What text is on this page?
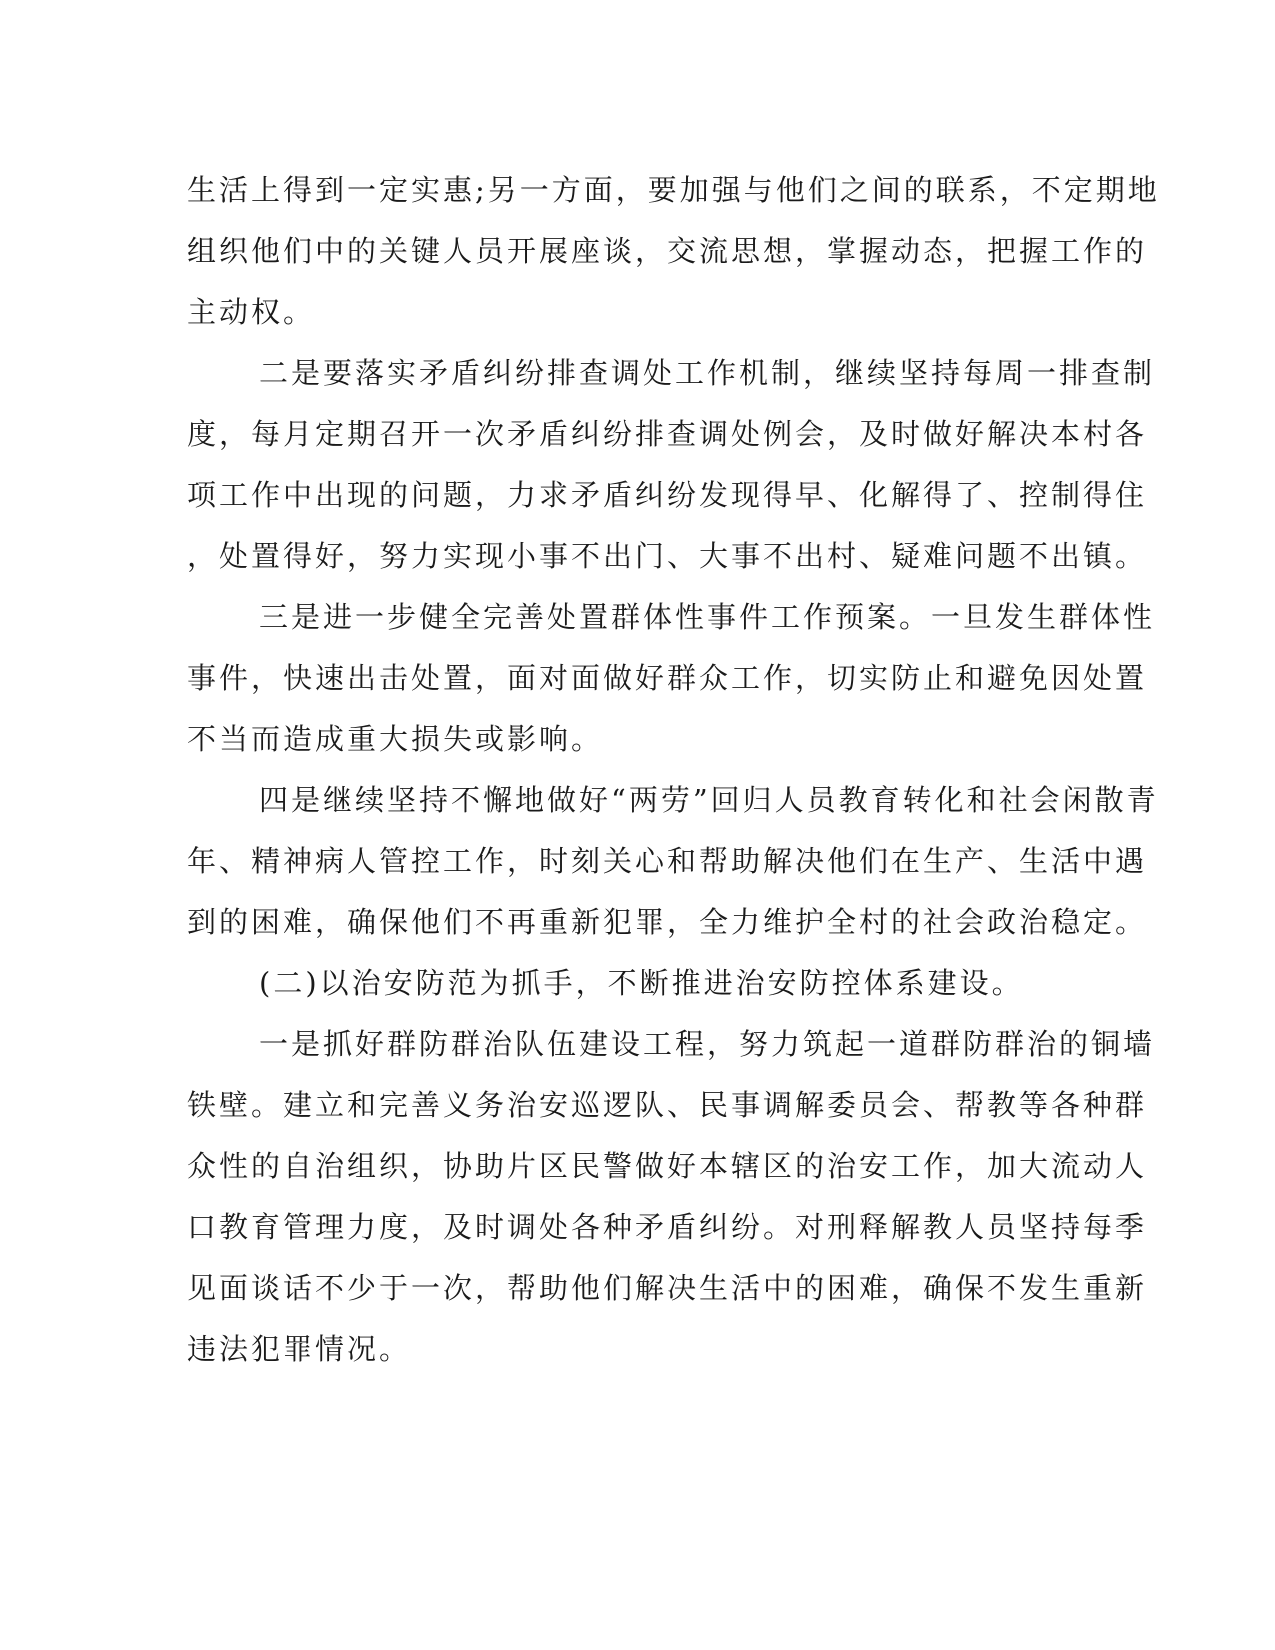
生活上得到一定实惠;另一方面，要加强与他们之间的联系，不定期地
组织他们中的关键人员开展座谈，交流思想，掌握动态，把握工作的
主动权。
二是要落实矛盾纠纷排查调处工作机制，继续坚持每周一排查制
度，每月定期召开一次矛盾纠纷排查调处例会，及时做好解决本村各
项工作中出现的问题，力求矛盾纠纷发现得早、化解得了、控制得住
，处置得好，努力实现小事不出门、大事不出村、疑难问题不出镇。
三是进一步健全完善处置群体性事件工作预案。一旦发生群体性
事件，快速出击处置，面对面做好群众工作，切实防止和避免因处置
不当而造成重大损失或影响。
四是继续坚持不懈地做好“两劳”回归人员教育转化和社会闲散青
年、精神病人管控工作，时刻关心和帮助解决他们在生产、生活中遇
到的困难，确保他们不再重新犯罪，全力维护全村的社会政治稳定。
(二)以治安防范为抓手，不断推进治安防控体系建设。
一是抓好群防群治队伍建设工程，努力筑起一道群防群治的铜墙
铁壁。建立和完善义务治安巡逻队、民事调解委员会、帮教等各种群
众性的自治组织，协助片区民警做好本辖区的治安工作，加大流动人
口教育管理力度，及时调处各种矛盾纠纷。对刑释解教人员坚持每季
见面谈话不少于一次，帮助他们解决生活中的困难，确保不发生重新
违法犯罪情况。
